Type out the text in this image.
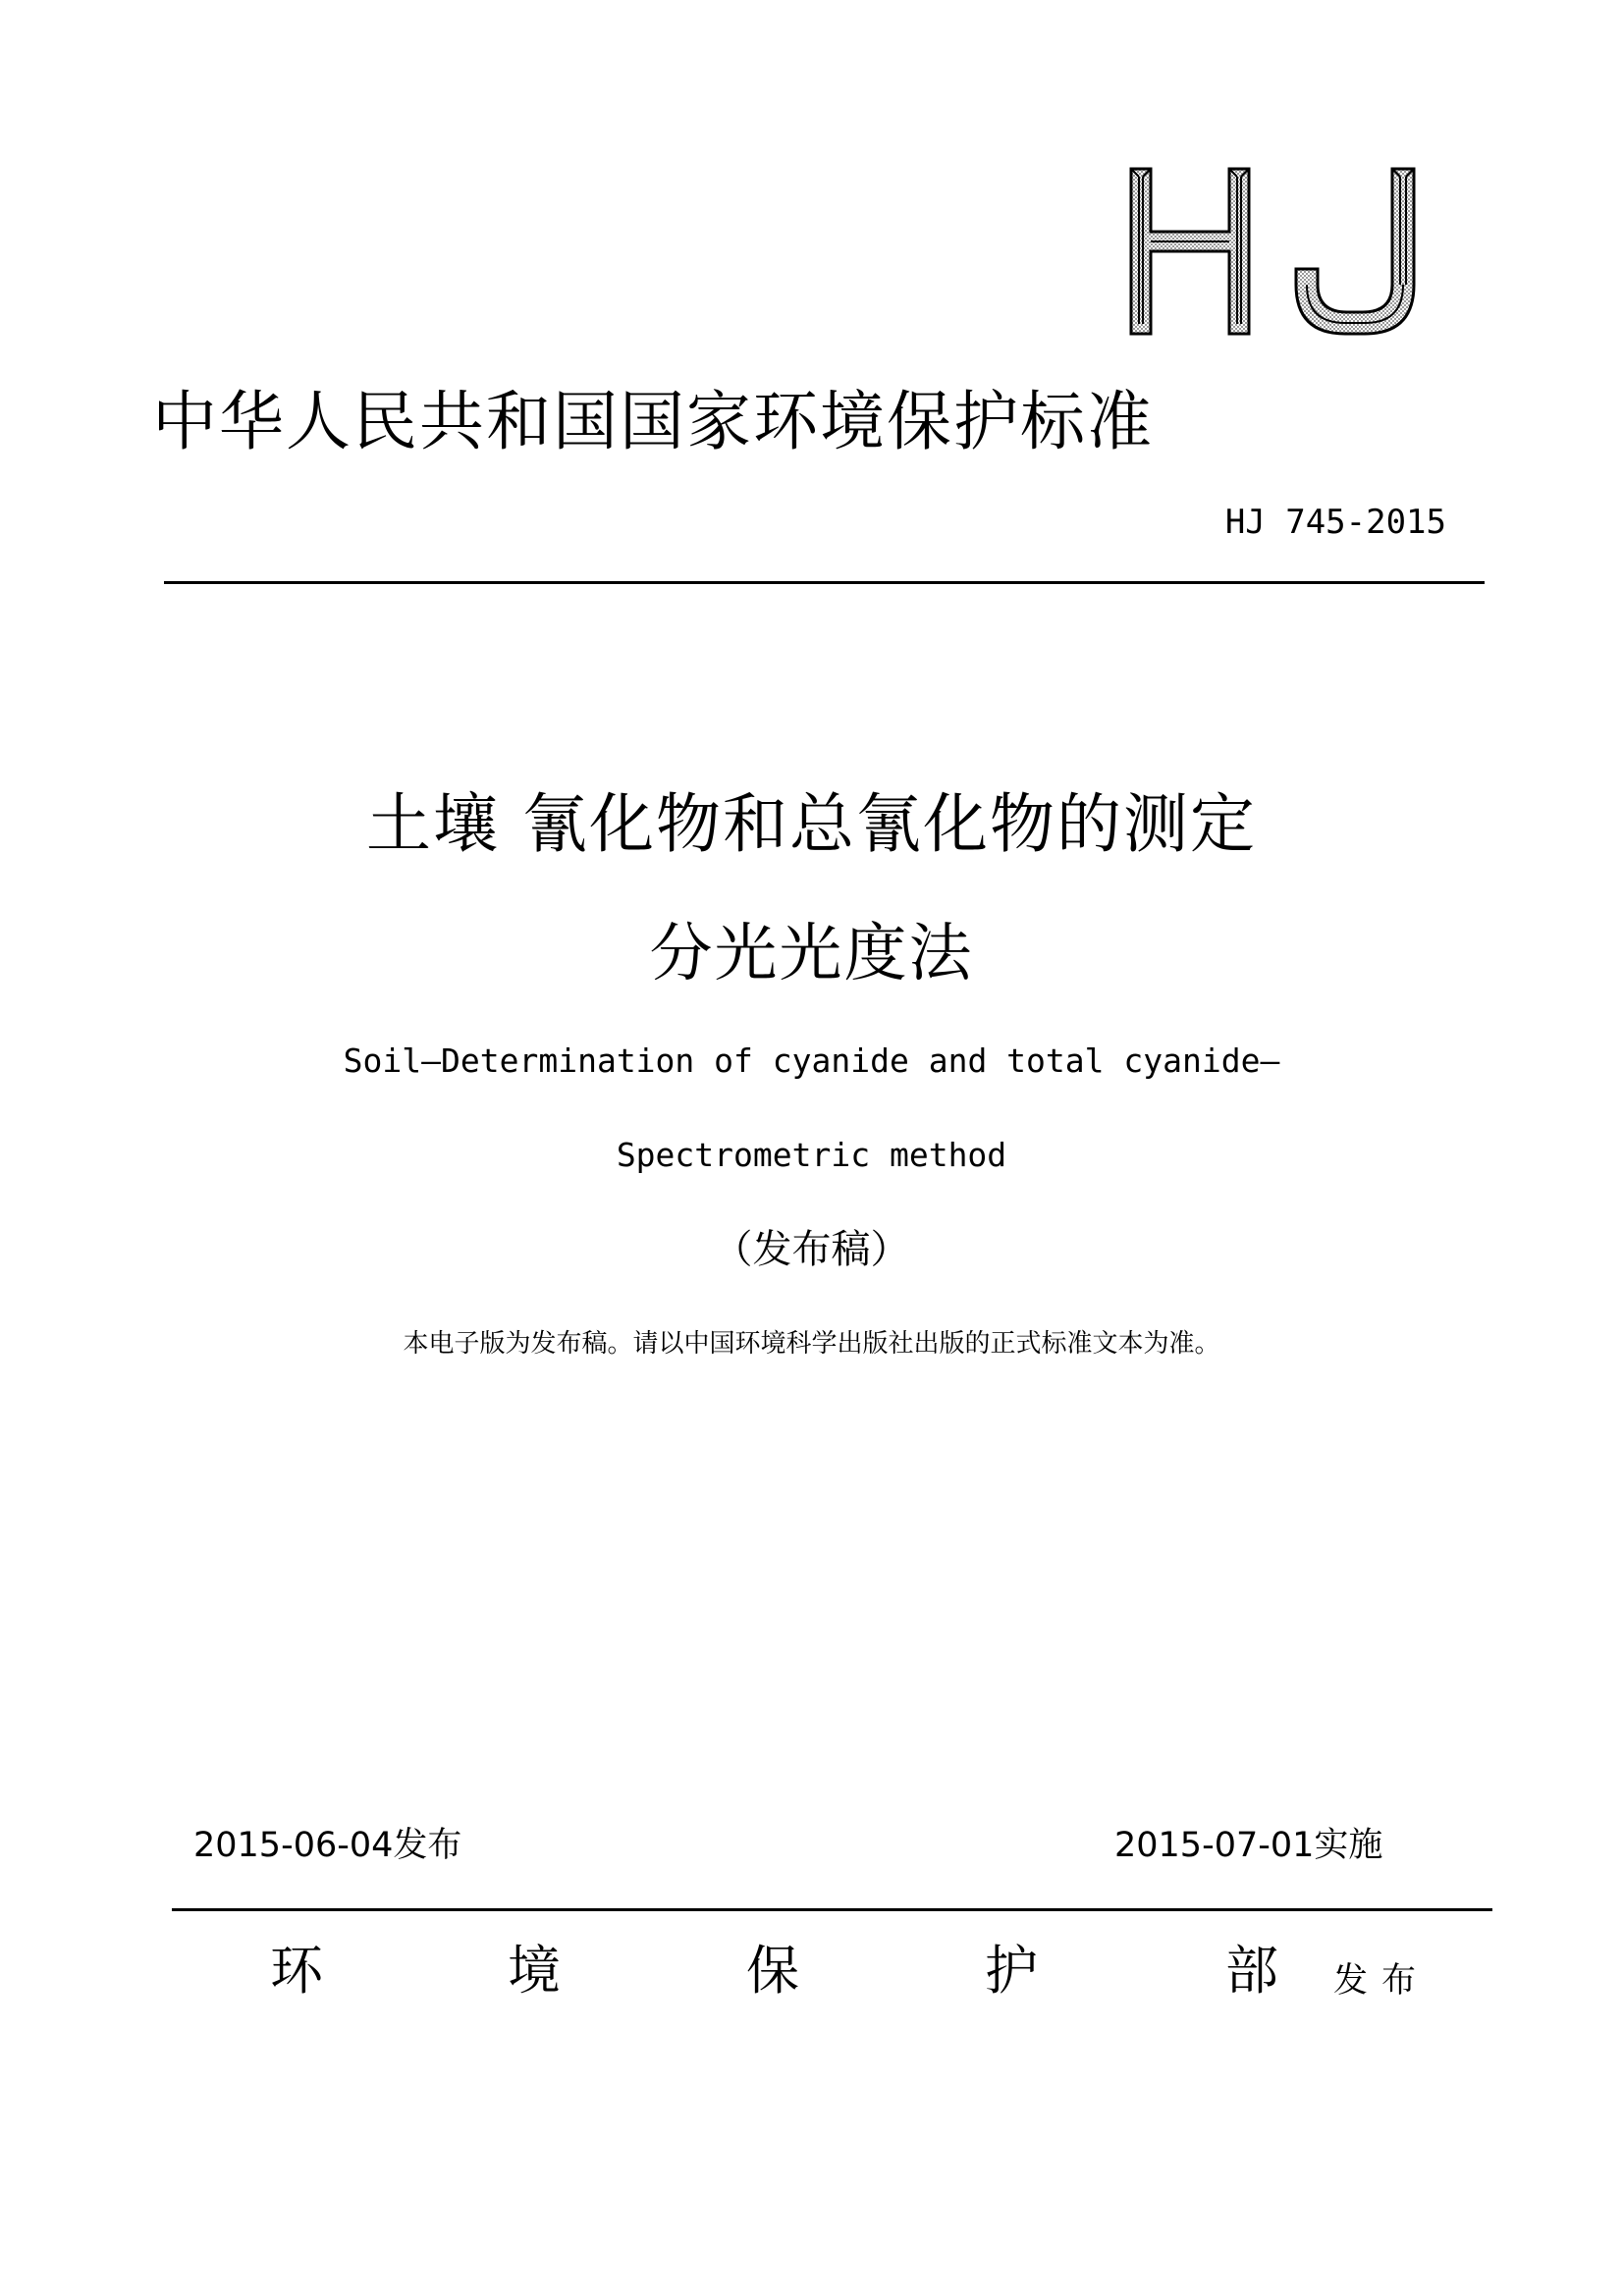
中华人民共和国国家环境保护标准
HJ 745-2015
土壤 氰化物和总氰化物的测定
分光光度法
Soil—Determination of cyanide and total cyanide—
Spectrometric method
（发布稿）
本电子版为发布稿。请以中国环境科学出版社出版的正式标准文本为准。
2015-06-04发布	2015-07-01实施
环	境	保	护	部 发布
